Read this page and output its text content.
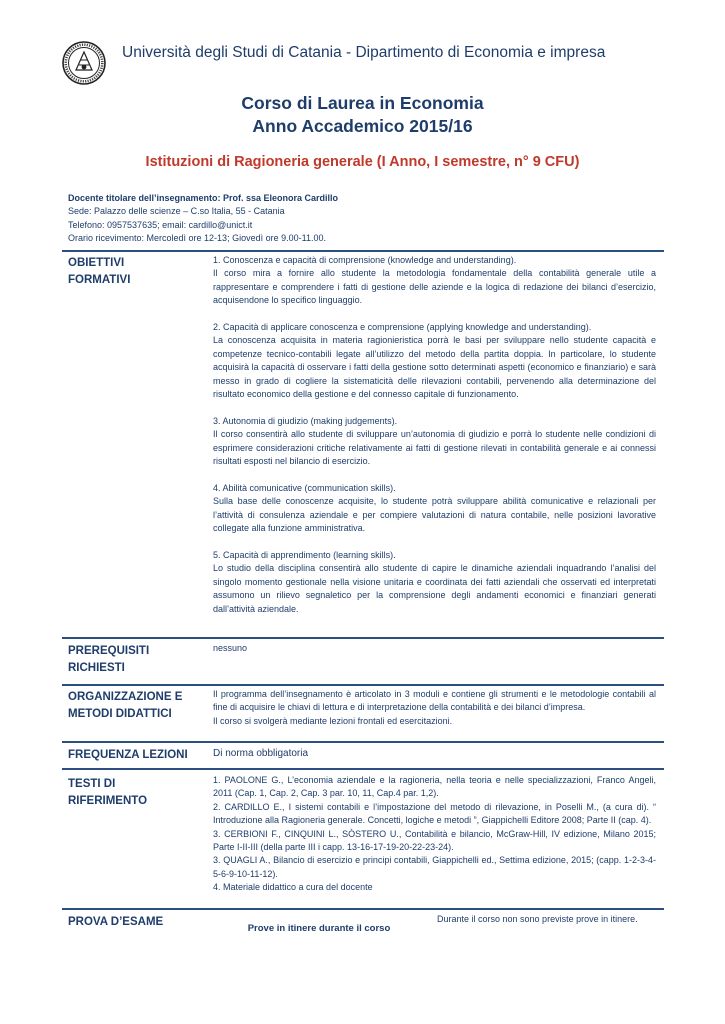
Università degli Studi di Catania - Dipartimento di Economia e impresa
Corso di Laurea in Economia
Anno Accademico 2015/16
Istituzioni di Ragioneria generale (I Anno, I semestre, n° 9 CFU)
Docente titolare dell’insegnamento: Prof. ssa Eleonora Cardillo
Sede: Palazzo delle scienze – C.so Italia, 55 - Catania
Telefono: 0957537635; email: cardillo@unict.it
Orario ricevimento: Mercoledì ore 12-13; Giovedì ore 9.00-11.00.
OBIETTIVI
FORMATIVI

1. Conoscenza e capacità di comprensione (knowledge and understanding).
Il corso mira a fornire allo studente la metodologia fondamentale della contabilità generale utile a rappresentare e comprendere i fatti di gestione delle aziende e la logica di redazione dei bilanci d’esercizio, acquisendone lo specifico linguaggio.

2. Capacità di applicare conoscenza e comprensione (applying knowledge and understanding).
La conoscenza acquisita in materia ragionieristica porrà le basi per sviluppare nello studente capacità e competenze tecnico-contabili legate all’utilizzo del metodo della partita doppia. In particolare, lo studente acquisirà la capacità di osservare i fatti della gestione sotto determinati aspetti (economico e finanziario) e sarà messo in grado di cogliere la sistematicità delle rilevazioni contabili, pervenendo alla determinazione del risultato economico della gestione e del connesso capitale di funzionamento.

3. Autonomia di giudizio (making judgements).
Il corso consentirà allo studente di sviluppare un’autonomia di giudizio e porrà lo studente nelle condizioni di esprimere considerazioni critiche relativamente ai fatti di gestione rilevati in contabilità generale e ai connessi risultati esposti nel bilancio di esercizio.

4. Abilità comunicative (communication skills).
Sulla base delle conoscenze acquisite, lo studente potrà sviluppare abilità comunicative e relazionali per l’attività di consulenza aziendale e per compiere valutazioni di natura contabile, nelle posizioni lavorative collegate alla funzione amministrativa.

5. Capacità di apprendimento (learning skills).
Lo studio della disciplina consentirà allo studente di capire le dinamiche aziendali inquadrando l’analisi del singolo momento gestionale nella visione unitaria e coordinata dei fatti aziendali che osservati ed interpretati assumono un rilievo segnaletico per la comprensione degli andamenti economici e finanziari generati dall’attività aziendale.

PREREQUISITI
RICHIESTI
nessuno
ORGANIZZAZIONE E
METODI DIDATTICI
Il programma dell’insegnamento è articolato in 3 moduli e contiene gli strumenti e le metodologie contabili al fine di acquisire le chiavi di lettura e di interpretazione della contabilità e dei bilanci d’impresa.
Il corso si svolgerà mediante lezioni frontali ed esercitazioni.
FREQUENZA LEZIONI	Di norma obbligatoria
TESTI DI
RIFERIMENTO
1. PAOLONE G., L’economia aziendale e la ragioneria, nella teoria e nelle specializzazioni, Franco Angeli, 2011 (Cap. 1, Cap. 2, Cap. 3 par. 10, 11, Cap.4 par. 1,2).
2. CARDILLO E., I sistemi contabili e l’impostazione del metodo di rilevazione, in Poselli M., (a cura di). “ Introduzione alla Ragioneria generale. Concetti, logiche e metodi ”, Giappichelli Editore 2008; Parte II (cap. 4).
3. CERBIONI F., CINQUINI L., SÒSTERO U., Contabilità e bilancio, McGraw-Hill, IV edizione, Milano 2015; Parte I-II-III (della parte III i capp. 13-16-17-19-20-22-23-24).
3. QUAGLI A., Bilancio di esercizio e principi contabili, Giappichelli ed., Settima edizione, 2015; (capp. 1-2-3-4-5-6-9-10-11-12).
4. Materiale didattico a cura del docente
PROVA D’ESAME
Prove in itinere durante il corso
Durante il corso non sono previste prove in itinere.
